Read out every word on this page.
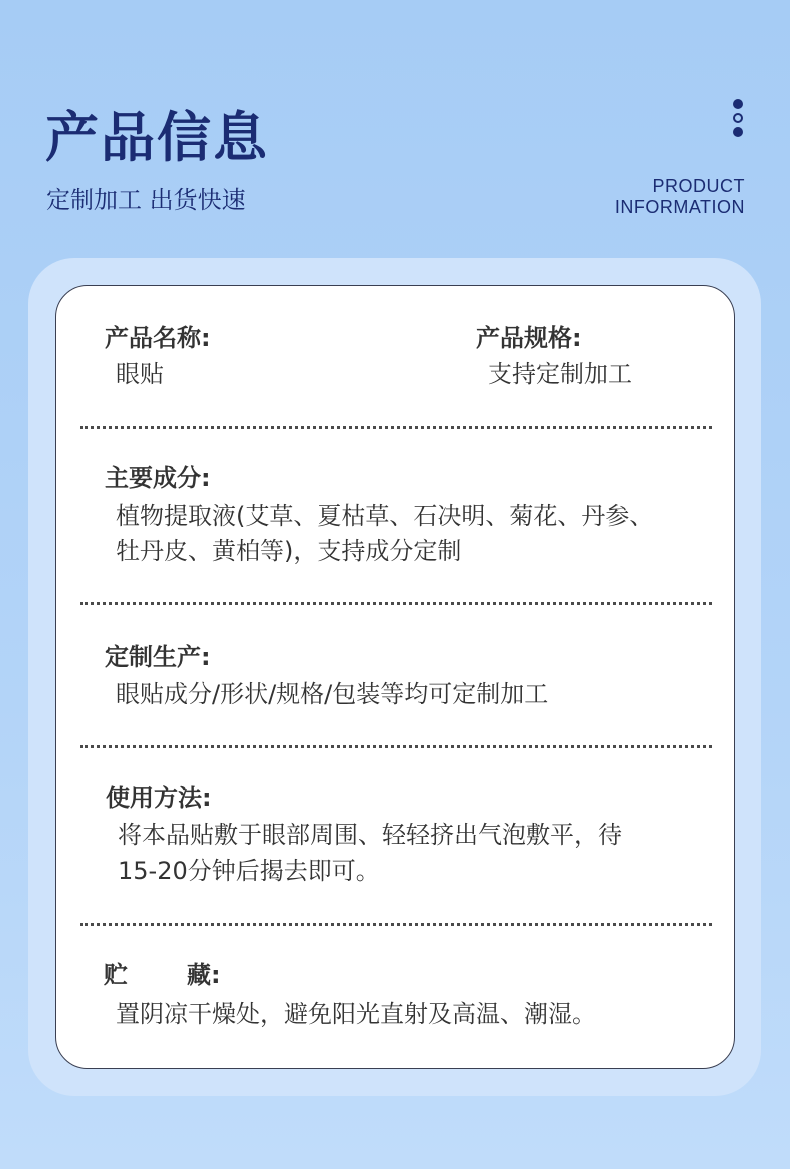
产品信息
定制加工 出货快速	PRODUCT
INFORMATION
产品名称:
眼贴
产品规格:
支持定制加工
主要成分:
植物提取液(艾草、夏枯草、石决明、菊花、丹参、
牡丹皮、黄柏等)，支持成分定制
定制生产:
眼贴成分/形状/规格/包装等均可定制加工
使用方法:
将本品贴敷于眼部周围、轻轻挤出气泡敷平，待
15-20分钟后揭去即可。
贮 藏:
置阴凉干燥处，避免阳光直射及高温、潮湿。
